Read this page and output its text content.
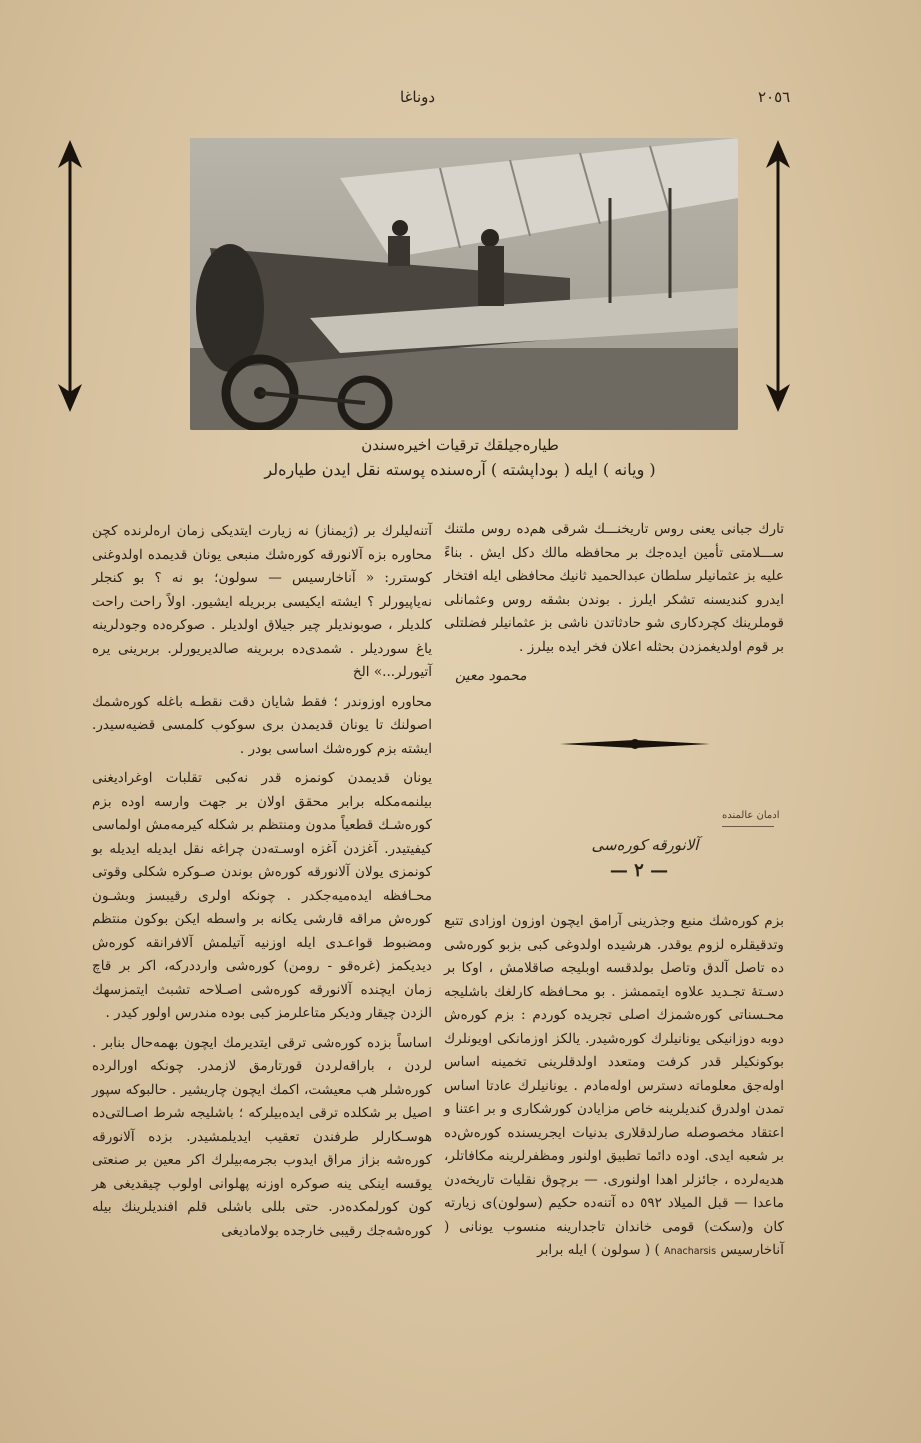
دوناغا	٢٠٥٦
طیاره‌جیلقك ترقیات اخیره‌سندن
( ویانه ) ایله ( بوداپشته ) آره‌سنده پوسته نقل ایدن طیاره‌لر

تارك جبانی یعنی روس تاریخنـــك شرقی هم‌ده روس ملتنك ســـلامتی تأمین ایده‌جك بر محافظه مالك دكل ایش . بناءً علیه بز عثمانیلر سلطان عبدالحمید ثانیك محافظی ایله افتخار ایدرو کندیسنه تشكر ایلرز . بوندن بشقه روس وعثمانلی قوملرینك کچردكاری شو حادثاتدن ناشی بز عثمانیلر فضلتلی بر قوم اولدیغمزدن بحثله اعلان فخر ایده بیلرز .

محمود معین
ادمان عالمنده
آلانورقه کوره‌سی
— ٢ —

بزم کوره‌شك منبع وجذرینی آرامق ایچون اوزون اوزادی تتبع وتدقیقلره لزوم یوقدر. هرشیده اولدوغی کبی بزبو کوره‌شی ده تاصل آلدق وتاصل بولدقسه اوبلیجه صاقلامش ، اوکا بر دسـتهٔ تجـدید علاوه ایتممشز . بو محـافظه کارلغك باشلیجه محـسناتی کوره‌شمزك اصلی تجریده کوردم : بزم کوره‌ش دوبه دوزانیکی یونانیلرك کوره‌شیدر. یالکز اوزمانکی اویونلرك بوکونکیلر قدر کرفت ومتعدد اولدقلرینی تخمینه اساس اوله‌جق معلوماته دسترس اوله‌مادم . یونانیلرك عادتا اساس تمدن اولدرق کندیلرینه خاص مزایادن کورشکاری و بر اعتنا و اعتقاد مخصوصله صارلدقلاری بدنیات ایجریسنده کوره‌ش‌ده بر شعبه ایدی. اوده دائما تطبیق اولنور ومظفرلرینه مکافاتلر، هدیه‌لرده ، جائزلر اهدا اولنوری. — برچوق نقلیات تاریخه‌دن ماعدا — قبل المیلاد ٥٩٢ ده آتنه‌ده حکیم (سولون)ی زیارته کان و(سکت) قومی خاندان تاجدارینه منسوب یونانی ( آناخارسیس Anacharsis ) ( سولون ) ایله برابر

آتنه‌لیلرك بر (ژیمناز) نه زیارت ایتدیکی زمان اره‌لرنده کچن محاوره بزه آلانورقه کوره‌شك منبعی یونان قدیمده اولدوغنی کوسترر: « آناخارسیس — سولون؛ بو نه ؟ بو کنجلر نه‌یاپیورلر ؟ ایشته ایکیسی بربریله ایشیور. اولاً راحت راحت کلدیلر ، صوبوندیلر چیر جیلاق اولدیلر . صوکره‌ده وجودلرینه یاغ سوردیلر . شمدی‌ده بربرینه صالدیریورلر. بربرینی یره آتیورلر...» الخ

محاوره اوزوندر ؛ فقط شایان دقت نقطـه باغله کوره‌شمك اصولنك تا یونان قدیمدن بری سوکوب کلمسی قضیه‌سیدر. ایشته بزم کوره‌شك اساسی بودر .

یونان قدیمدن کونمزه قدر نه‌کبی تقلبات اوغرادیغنی بیلنمه‌مکله برابر محقق اولان بر جهت وارسه اوده بزم کوره‌شـك قطعیاً مدون ومنتظم بر شکله کیرمه‌مش اولماسی کیفیتیدر. آغزدن آغزه اوسـته‌دن چراغه نقل ایدیله ایدیله بو کونمزی یولان آلانورقه کوره‌ش بوندن صـوکره شکلی وقوتی محـافظه ایده‌میه‌جکدر . چونکه اولری رقیبسز وبشـون کوره‌ش مراقه قارشی یکانه بر واسطه ایکن بوکون منتظم ومضبوط قواعـدی ایله اوزنیه آتیلمش آلافرانقه کوره‌ش دیدیکمز (غره‌قو - رومن) کوره‌شی وارددرکه، اکر بر قاچ زمان ایچنده آلانورقه کوره‌شی اصـلاحه تشبث ایتمزسهك الزدن چیقار ودیکر متاعلرمز کبی بوده مندرس اولور کیدر .

اساساً بزده کوره‌شی ترقی ایتدیرمك ایچون بهمه‌حال بنابر . لردن ، باراقه‌لردن قورتارمق لازمدر. چونکه اورالرده کوره‌شلر هب معیشت، اکمك ایچون چاریشیر . حالبوکه سپور اصیل بر شکلده ترقی ایده‌بیلرکه ؛ باشلیجه شرط اصـالتی‌ده هوسـکارلر طرفندن تعقیب ایدیلمشیدر. بزده آلانورقه کوره‌شه بزاز مراق ایدوب بجرمه‌بیلرك اکر معین بر صنعتی یوقسه اینکی ینه صوکره اوزنه پهلوانی اولوب چیقدیغی هر کون کورلمکده‌در. حتی بللی باشلی قلم افندیلرینك بیله کوره‌شه‌جك رقیبی خارجده بولامادیغی
